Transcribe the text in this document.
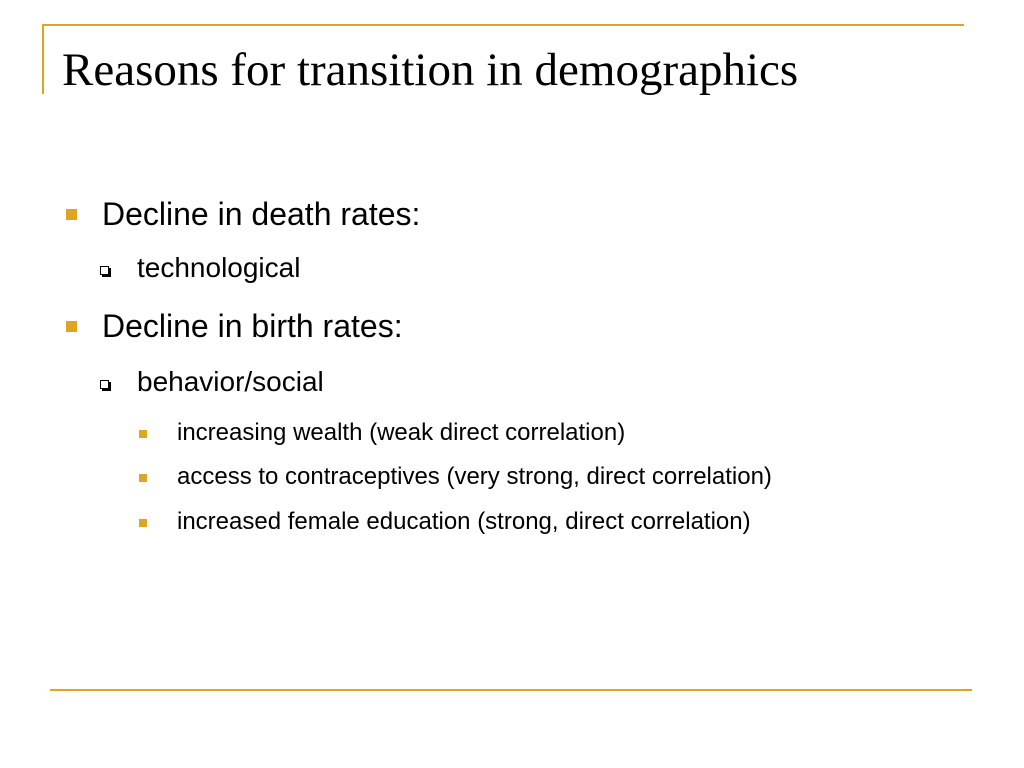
Reasons for transition in demographics
Decline in death rates:
technological
Decline in birth rates:
behavior/social
increasing wealth (weak direct correlation)
access to contraceptives (very strong, direct correlation)
increased female education (strong, direct correlation)
